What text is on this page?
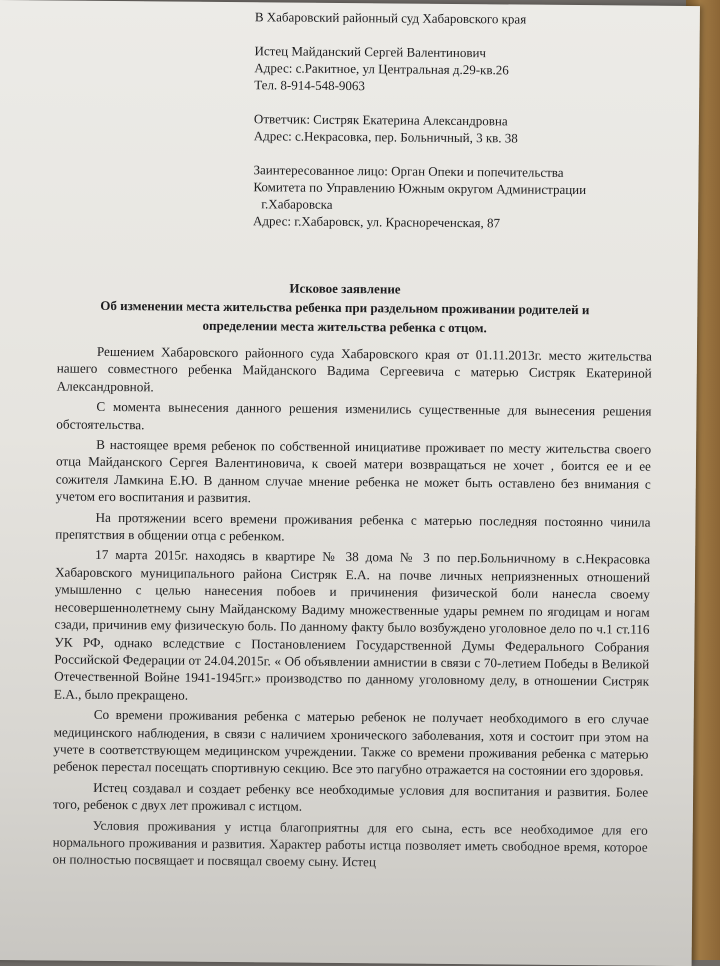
В Хабаровский районный суд Хабаровского края
Истец Майданский Сергей Валентинович
Адрес: с.Ракитное, ул Центральная д.29-кв.26
Тел. 8-914-548-9063
Ответчик: Систряк Екатерина Александровна
Адрес: с.Некрасовка, пер. Больничный, 3 кв. 38
Заинтересованное лицо: Орган Опеки и попечительства
Комитета по Управлению Южным округом Администрации
г.Хабаровска
Адрес: г.Хабаровск, ул. Краснореченская, 87
Исковое заявление
Об изменении места жительства ребенка при раздельном проживании родителей и
определении места жительства ребенка с отцом.

Решением Хабаровского районного суда Хабаровского края от 01.11.2013г. место жительства нашего совместного ребенка Майданского Вадима Сергеевича с матерью Систряк Екатериной Александровной.

С момента вынесения данного решения изменились существенные для вынесения решения обстоятельства.

В настоящее время ребенок по собственной инициативе проживает по месту жительства своего отца Майданского Сергея Валентиновича, к своей матери возвращаться не хочет , боится ее и ее сожителя Ламкина Е.Ю. В данном случае мнение ребенка не может быть оставлено без внимания с учетом его воспитания и развития.

На протяжении всего времени проживания ребенка с матерью последняя постоянно чинила препятствия в общении отца с ребенком.

17 марта 2015г. находясь в квартире № 38 дома № 3 по пер.Больничному в с.Некрасовка Хабаровского муниципального района Систряк Е.А. на почве личных неприязненных отношений умышленно с целью нанесения побоев и причинения физической боли нанесла своему несовершеннолетнему сыну Майданскому Вадиму множественные удары ремнем по ягодицам и ногам сзади, причинив ему физическую боль. По данному факту было возбуждено уголовное дело по ч.1 ст.116 УК РФ, однако вследствие с Постановлением Государственной Думы Федерального Собрания Российской Федерации от 24.04.2015г. « Об объявлении амнистии в связи с 70-летием Победы в Великой Отечественной Войне 1941-1945гг.» производство по данному уголовному делу, в отношении Систряк Е.А., было прекращено.

Со времени проживания ребенка с матерью ребенок не получает необходимого в его случае медицинского наблюдения, в связи с наличием хронического заболевания, хотя и состоит при этом на учете в соответствующем медицинском учреждении. Также со времени проживания ребенка с матерью ребенок перестал посещать спортивную секцию. Все это пагубно отражается на состоянии его здоровья.

Истец создавал и создает ребенку все необходимые условия для воспитания и развития. Более того, ребенок с двух лет проживал с истцом.

Условия проживания у истца благоприятны для его сына, есть все необходимое для его нормального проживания и развития. Характер работы истца позволяет иметь свободное время, которое он полностью посвящает и посвящал своему сыну. Истец
